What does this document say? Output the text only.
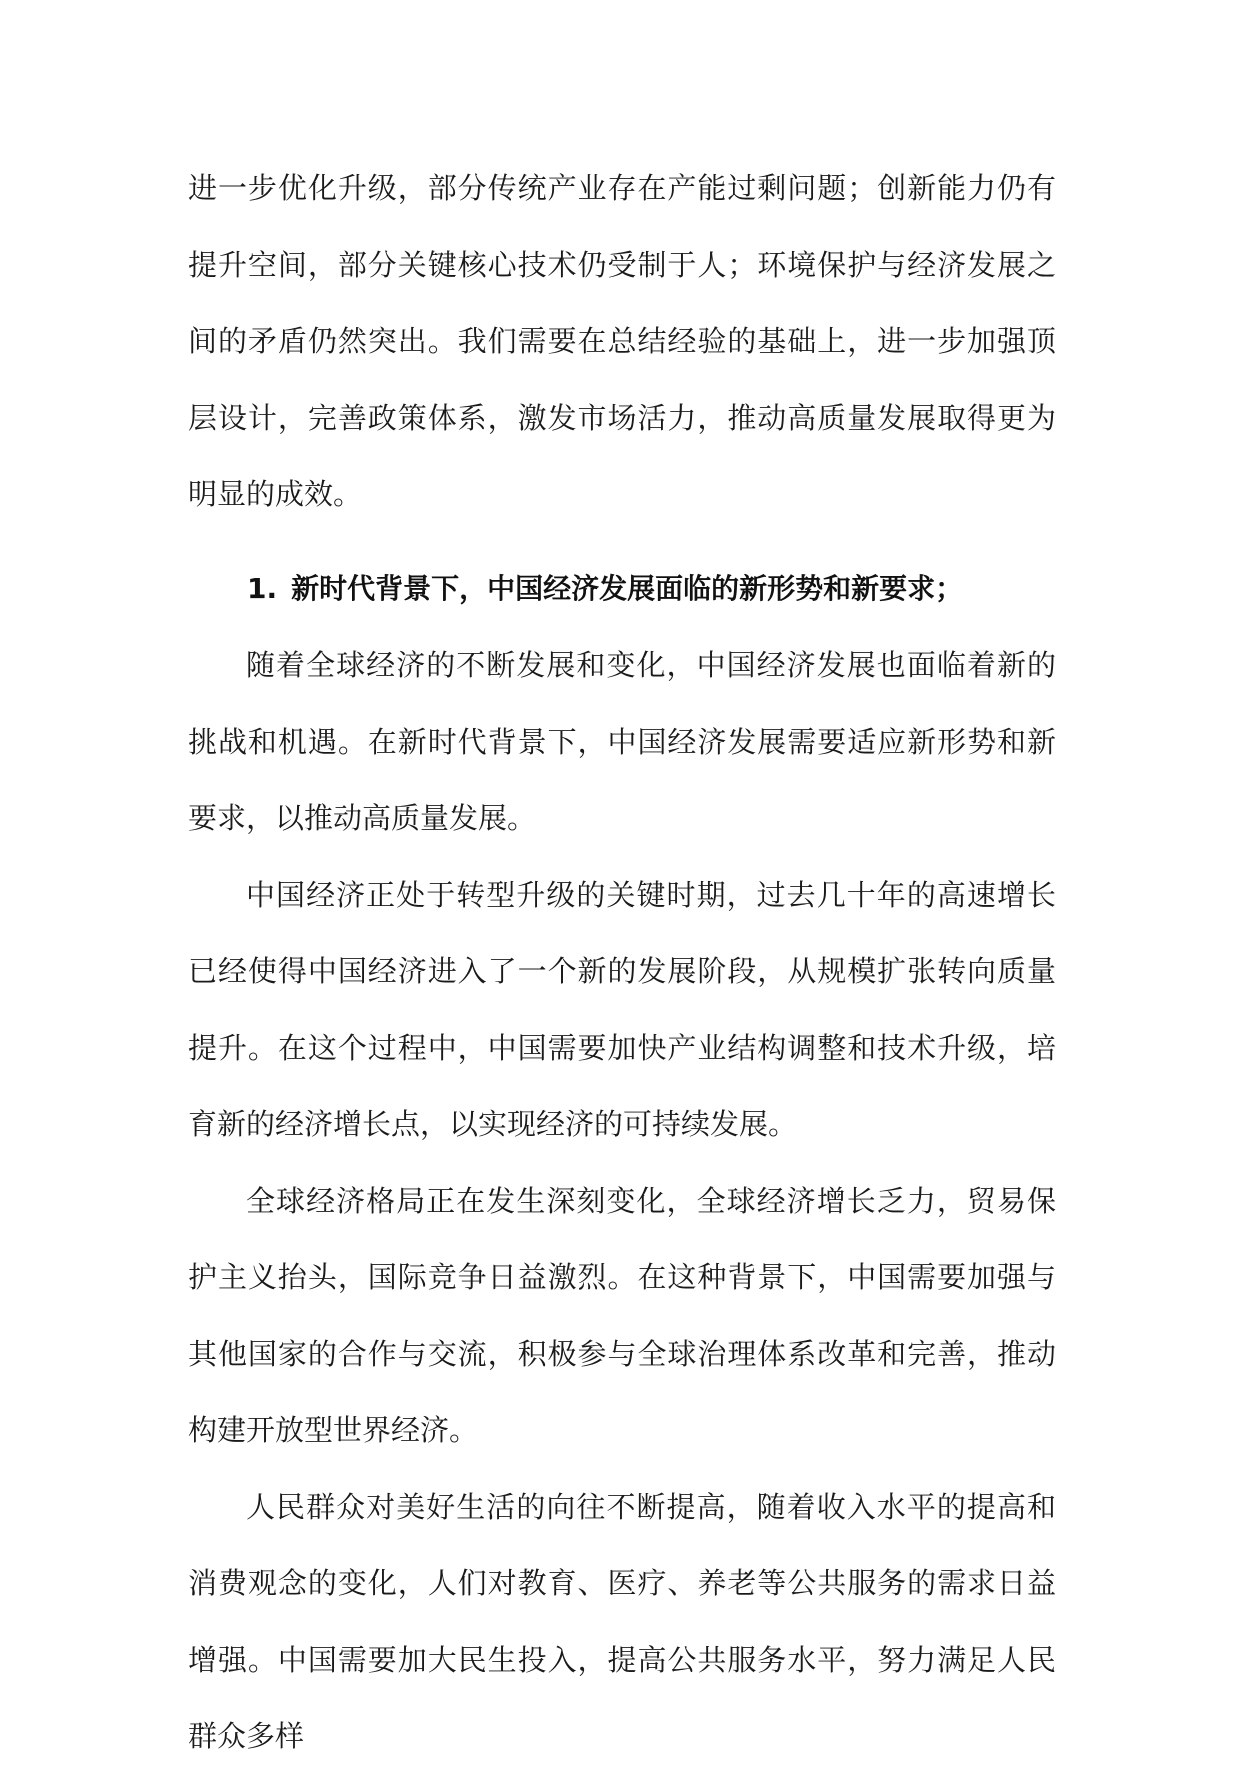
进一步优化升级，部分传统产业存在产能过剩问题；创新能力仍有提升空间，部分关键核心技术仍受制于人；环境保护与经济发展之间的矛盾仍然突出。我们需要在总结经验的基础上，进一步加强顶层设计，完善政策体系，激发市场活力，推动高质量发展取得更为明显的成效。

1. 新时代背景下，中国经济发展面临的新形势和新要求；

随着全球经济的不断发展和变化，中国经济发展也面临着新的挑战和机遇。在新时代背景下，中国经济发展需要适应新形势和新要求，以推动高质量发展。

中国经济正处于转型升级的关键时期，过去几十年的高速增长已经使得中国经济进入了一个新的发展阶段，从规模扩张转向质量提升。在这个过程中，中国需要加快产业结构调整和技术升级，培育新的经济增长点，以实现经济的可持续发展。

全球经济格局正在发生深刻变化，全球经济增长乏力，贸易保护主义抬头，国际竞争日益激烈。在这种背景下，中国需要加强与其他国家的合作与交流，积极参与全球治理体系改革和完善，推动构建开放型世界经济。

人民群众对美好生活的向往不断提高，随着收入水平的提高和消费观念的变化，人们对教育、医疗、养老等公共服务的需求日益增强。中国需要加大民生投入，提高公共服务水平，努力满足人民群众多样
